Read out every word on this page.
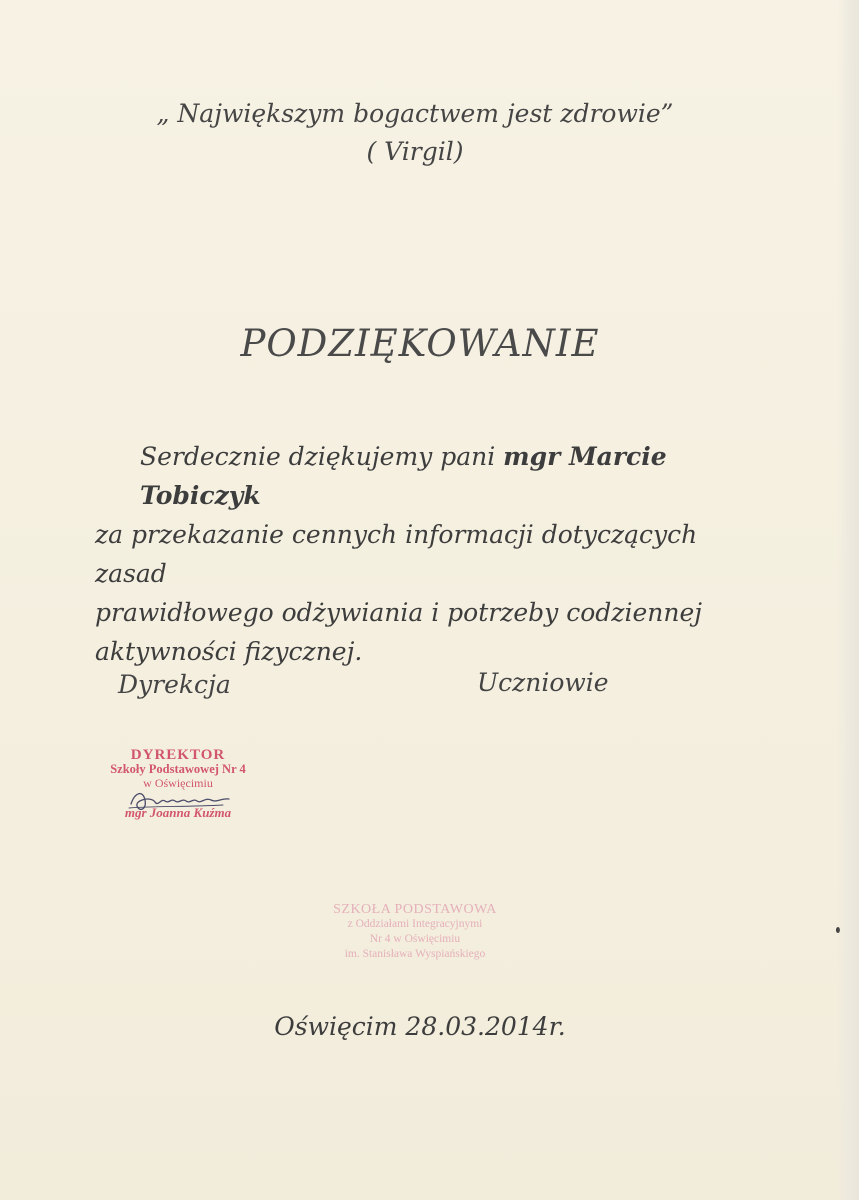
„ Największym bogactwem jest zdrowie”
( Virgil)
PODZIĘKOWANIE
Serdecznie dziękujemy pani mgr Marcie Tobiczyk
za przekazanie cennych informacji dotyczących zasad
prawidłowego odżywiania i potrzeby codziennej
aktywności fizycznej.
Dyrekcja	Uczniowie
DYREKTOR
Szkoły Podstawowej Nr 4
w Oświęcimiu
mgr Joanna Kuźma
SZKOŁA PODSTAWOWA
z Oddziałami Integracyjnymi
Nr 4 w Oświęcimiu
im. Stanisława Wyspiańskiego
Oświęcim 28.03.2014r.
